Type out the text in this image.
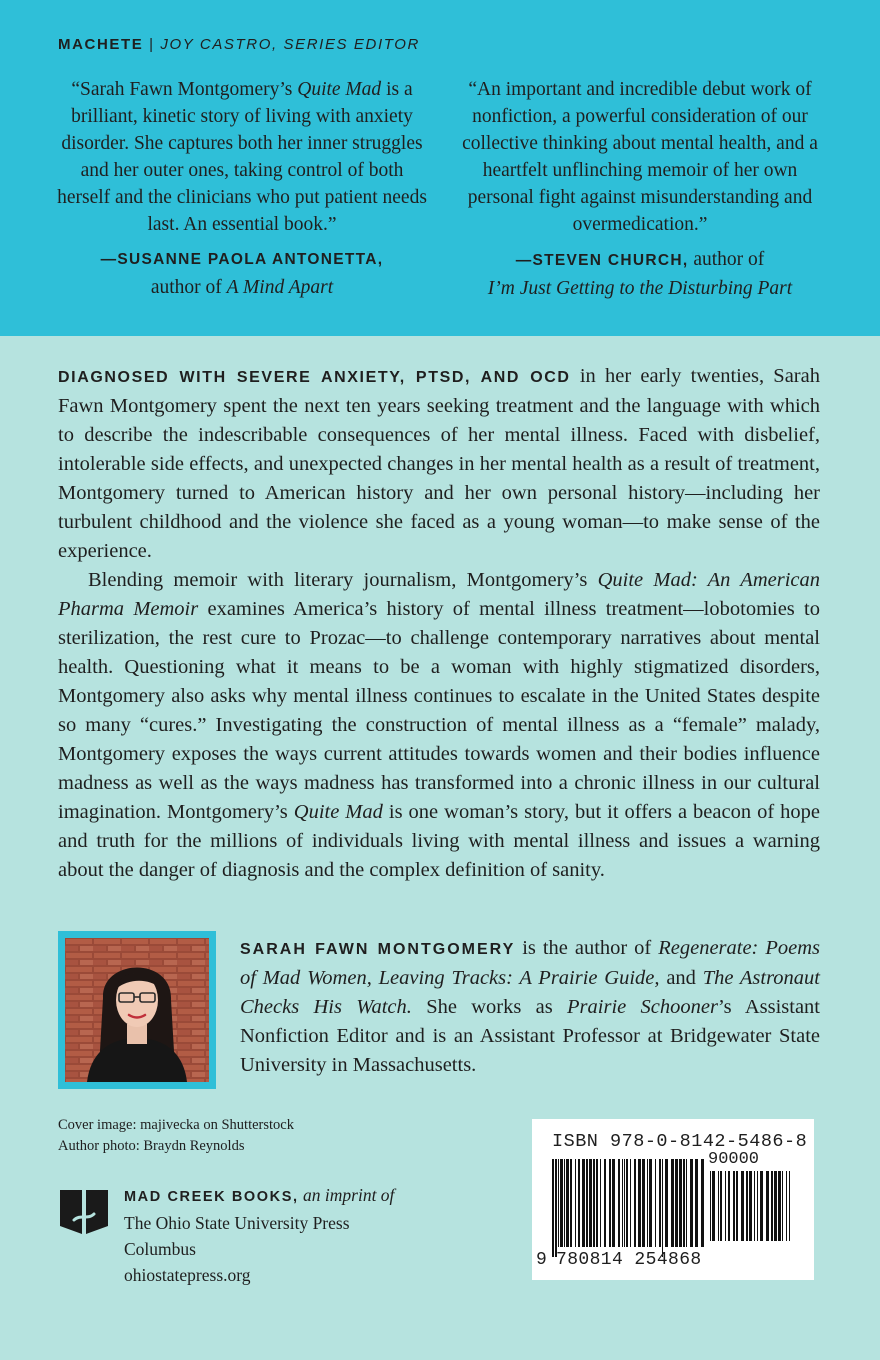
MACHETE | JOY CASTRO, SERIES EDITOR

“Sarah Fawn Montgomery’s Quite Mad is a brilliant, kinetic story of living with anxiety disorder. She captures both her inner struggles and her outer ones, taking control of both herself and the clinicians who put patient needs last. An essential book.”

—SUSANNE PAOLA ANTONETTA,
author of A Mind Apart

“An important and incredible debut work of nonfiction, a powerful consideration of our collective thinking about mental health, and a heartfelt unflinching memoir of her own personal fight against misunderstanding and overmedication.”

—STEVEN CHURCH, author of
I’m Just Getting to the Disturbing Part

DIAGNOSED WITH SEVERE ANXIETY, PTSD, AND OCD in her early twenties, Sarah Fawn Montgomery spent the next ten years seeking treatment and the language with which to describe the indescribable consequences of her mental illness. Faced with disbelief, intolerable side effects, and unexpected changes in her mental health as a result of treatment, Montgomery turned to American history and her own personal history—including her turbulent childhood and the violence she faced as a young woman—to make sense of the experience.

Blending memoir with literary journalism, Montgomery’s Quite Mad: An American Pharma Memoir examines America’s history of mental illness treatment—lobotomies to sterilization, the rest cure to Prozac—to challenge contemporary narratives about mental health. Questioning what it means to be a woman with highly stigmatized disorders, Montgomery also asks why mental illness continues to escalate in the United States despite so many “cures.” Investigating the construction of mental illness as a “female” malady, Montgomery exposes the ways current attitudes towards women and their bodies influence madness as well as the ways madness has transformed into a chronic illness in our cultural imagination. Montgomery’s Quite Mad is one woman’s story, but it offers a beacon of hope and truth for the millions of individuals living with mental illness and issues a warning about the danger of diagnosis and the complex definition of sanity.

SARAH FAWN MONTGOMERY is the author of Regenerate: Poems of Mad Women, Leaving Tracks: A Prairie Guide, and The Astronaut Checks His Watch. She works as Prairie Schooner’s Assistant Nonfiction Editor and is an Assistant Professor at Bridgewater State University in Massachusetts.

Cover image: majivecka on Shutterstock
Author photo: Braydn Reynolds
MAD CREEK BOOKS, an imprint of
The Ohio State University Press
Columbus
ohiostatepress.org
ISBN 978-0-8142-5486-8
90000
9 780814 254868
